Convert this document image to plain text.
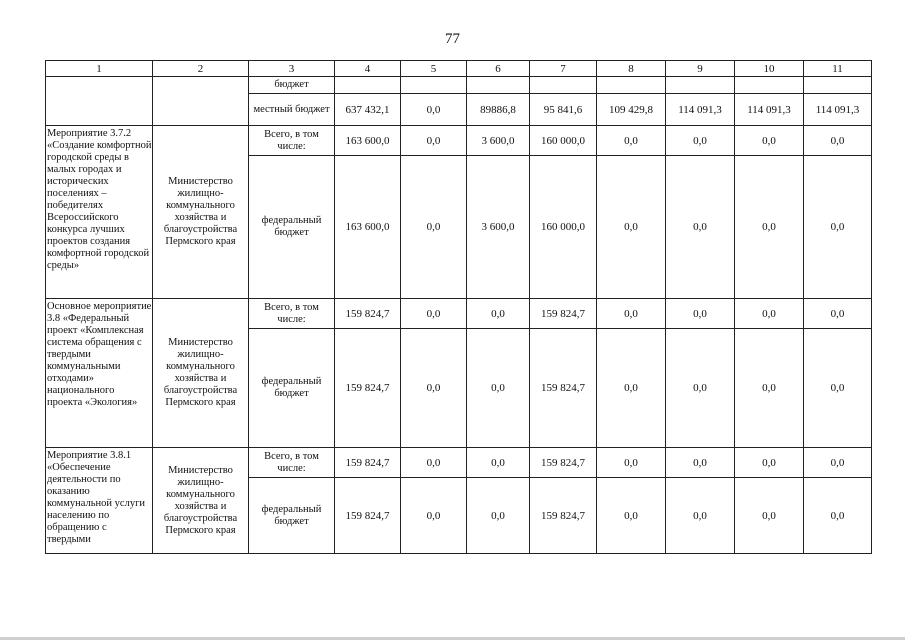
77
1	2	3	4	5	6	7	8	9	10	11
		бюджет								
		местный бюджет	637 432,1	0,0	89886,8	95 841,6	109 429,8	114 091,3	114 091,3	114 091,3
Мероприятие 3.7.2 «Создание комфортной городской среды в малых городах и исторических поселениях – победителях Всероссийского конкурса лучших проектов создания комфортной городской среды»	Министерство жилищно-коммунального хозяйства и благоустройства Пермского края	Всего, в том числе:	163 600,0	0,0	3 600,0	160 000,0	0,0	0,0	0,0	0,0
		федеральный бюджет	163 600,0	0,0	3 600,0	160 000,0	0,0	0,0	0,0	0,0
Основное мероприятие 3.8 «Федеральный проект «Комплексная система обращения с твердыми коммунальными отходами» национального проекта «Экология»	Министерство жилищно-коммунального хозяйства и благоустройства Пермского края	Всего, в том числе:	159 824,7	0,0	0,0	159 824,7	0,0	0,0	0,0	0,0
		федеральный бюджет	159 824,7	0,0	0,0	159 824,7	0,0	0,0	0,0	0,0
Мероприятие 3.8.1 «Обеспечение деятельности по оказанию коммунальной услуги населению по обращению с твердыми	Министерство жилищно-коммунального хозяйства и благоустройства Пермского края	Всего, в том числе:	159 824,7	0,0	0,0	159 824,7	0,0	0,0	0,0	0,0
		федеральный бюджет	159 824,7	0,0	0,0	159 824,7	0,0	0,0	0,0	0,0
